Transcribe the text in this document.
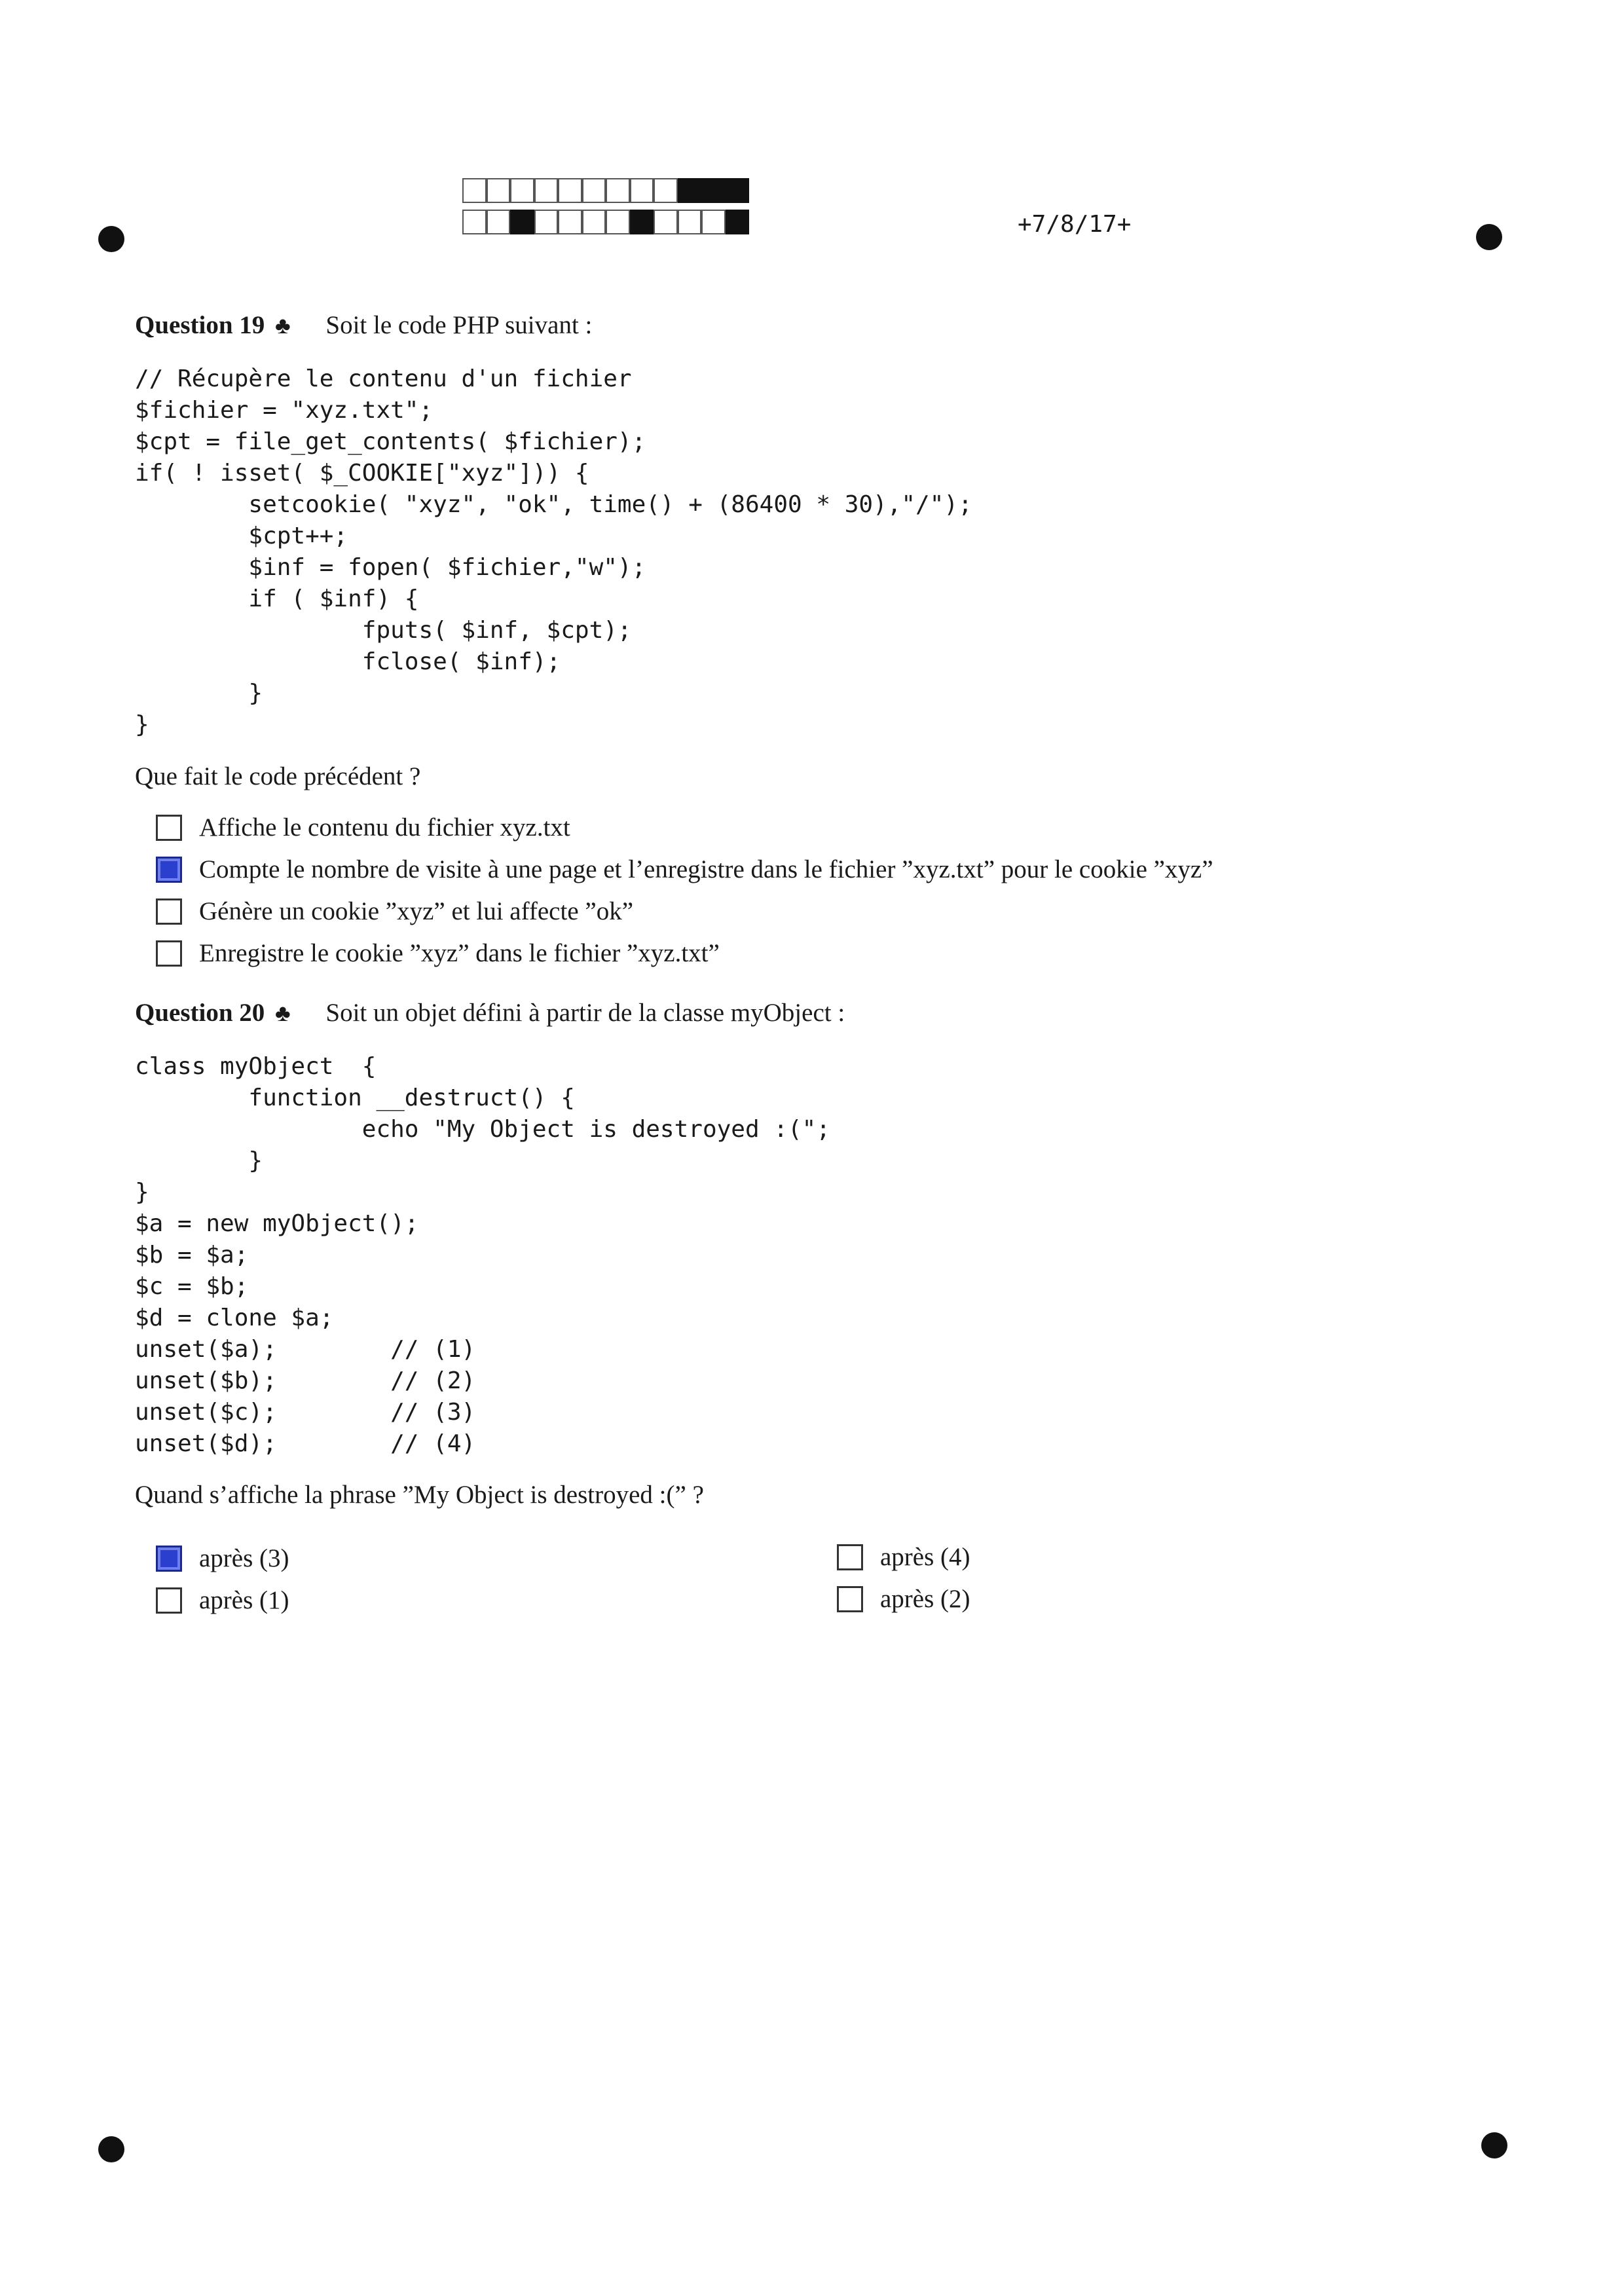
+7/8/17+
Question 19 ♣ Soit le code PHP suivant :
// Récupère le contenu d'un fichier
$fichier = "xyz.txt";
$cpt = file_get_contents( $fichier);
if( ! isset( $_COOKIE["xyz"])) {
setcookie( "xyz", "ok", time() + (86400 * 30),"/");
$cpt++;
$inf = fopen( $fichier,"w");
if ( $inf) {
fputs( $inf, $cpt);
fclose( $inf);
}
}
Que fait le code précédent ?
Affiche le contenu du fichier xyz.txt
Compte le nombre de visite à une page et l’enregistre dans le fichier ”xyz.txt” pour le cookie ”xyz”
Génère un cookie ”xyz” et lui affecte ”ok”
Enregistre le cookie ”xyz” dans le fichier ”xyz.txt”
Question 20 ♣ Soit un objet défini à partir de la classe myObject :
class myObject  {
function __destruct() {
echo "My Object is destroyed :(";
}
}
$a = new myObject();
$b = $a;
$c = $b;
$d = clone $a;
unset($a);        // (1)
unset($b);        // (2)
unset($c);        // (3)
unset($d);        // (4)
Quand s’affiche la phrase ”My Object is destroyed :(” ?
après (3)	après (4)
après (1)	après (2)
